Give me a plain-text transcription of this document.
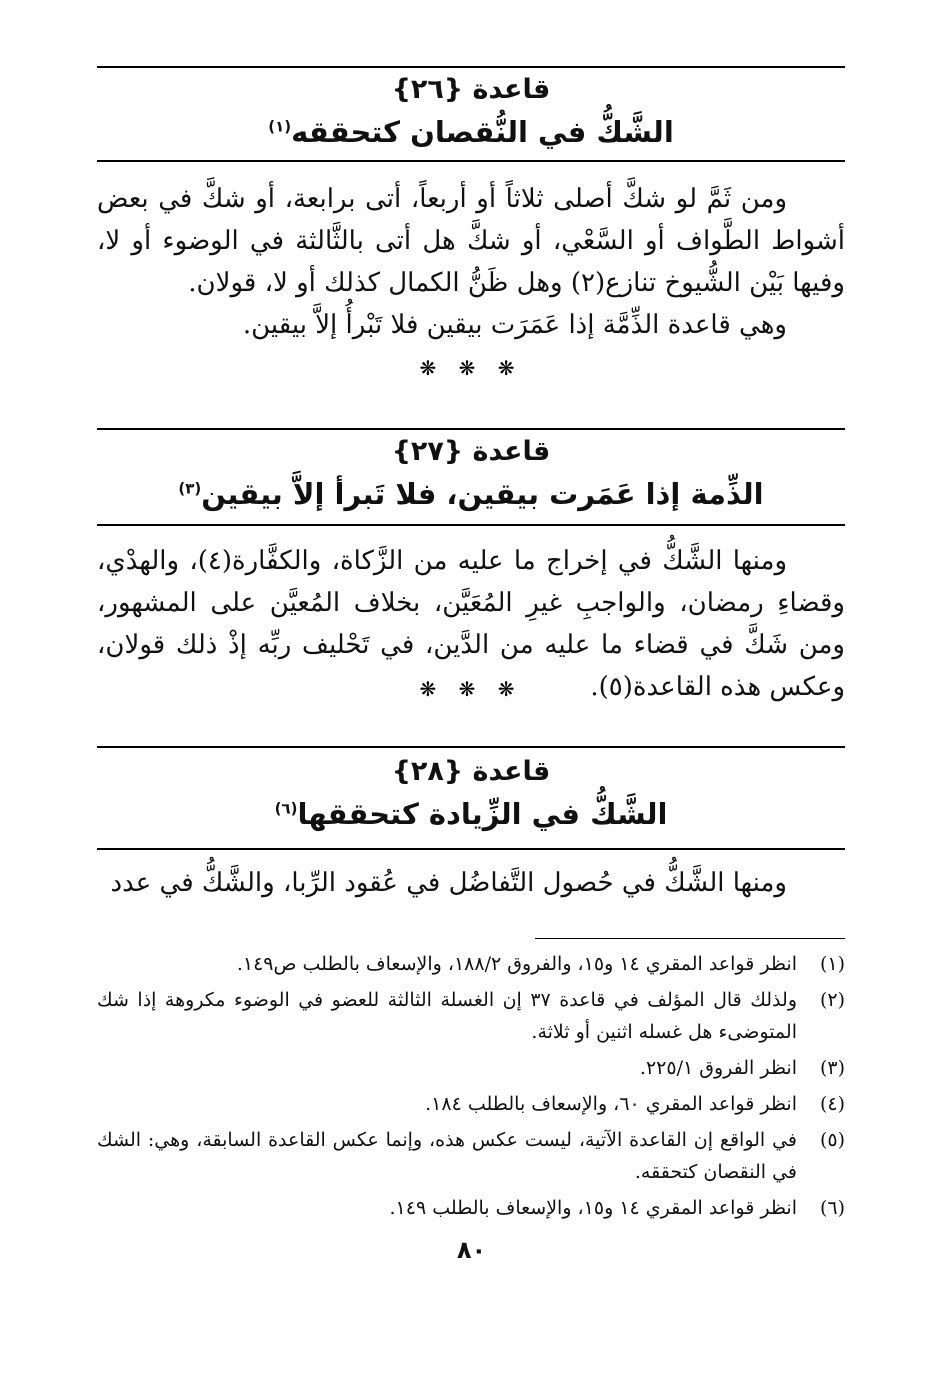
قاعدة {٢٦}
الشَّكُّ في النُّقصان كتحققه$^{(١)}$

ومن ثَمَّ لو شكَّ أصلى ثلاثاً أو أربعاً، أتى برابعة، أو شكَّ في بعض أشواط الطَّواف أو السَّعْي، أو شكَّ هل أتى بالثَّالثة في الوضوء أو لا، وفيها بَيْن الشُّيوخ تنازع(٢) وهل ظَنُّ الكمال كذلك أو لا، قولان.

وهي قاعدة الذِّمَّة إذا عَمَرَت بيقين فلا تَبْرأُ إلاَّ بيقين.

❋ ❋ ❋
قاعدة {٢٧}
الذِّمة إذا عَمَرت بيقين، فلا تَبرأ إلاَّ بيقين$^{(٣)}$

ومنها الشَّكُّ في إخراج ما عليه من الزَّكاة، والكفَّارة(٤)، والهدْي، وقضاءِ رمضان، والواجبِ غيرِ المُعَيَّن، بخلاف المُعيَّن على المشهور، ومن شَكَّ في قضاء ما عليه من الدَّين، في تَحْليف ربِّه إذْ ذلك قولان، وعكس هذه القاعدة(٥).

❋ ❋ ❋
قاعدة {٢٨}
الشَّكُّ في الزِّيادة كتحققها$^{(٦)}$

ومنها الشَّكُّ في حُصول التَّفاضُل في عُقود الرِّبا، والشَّكُّ في عدد

(١)
انظر قواعد المقري ١٤ و١٥، والفروق ١٨٨/٢، والإسعاف بالطلب ص١٤٩.
(٢)
ولذلك قال المؤلف في قاعدة ٣٧ إن الغسلة الثالثة للعضو في الوضوء مكروهة إذا شك المتوضىء هل غسله اثنين أو ثلاثة.
(٣)
انظر الفروق ٢٢٥/١.
(٤)
انظر قواعد المقري ٦٠، والإسعاف بالطلب ١٨٤.
(٥)
في الواقع إن القاعدة الآتية، ليست عكس هذه، وإنما عكس القاعدة السابقة، وهي: الشك في النقصان كتحققه.
(٦)
انظر قواعد المقري ١٤ و١٥، والإسعاف بالطلب ١٤٩.
٨٠
